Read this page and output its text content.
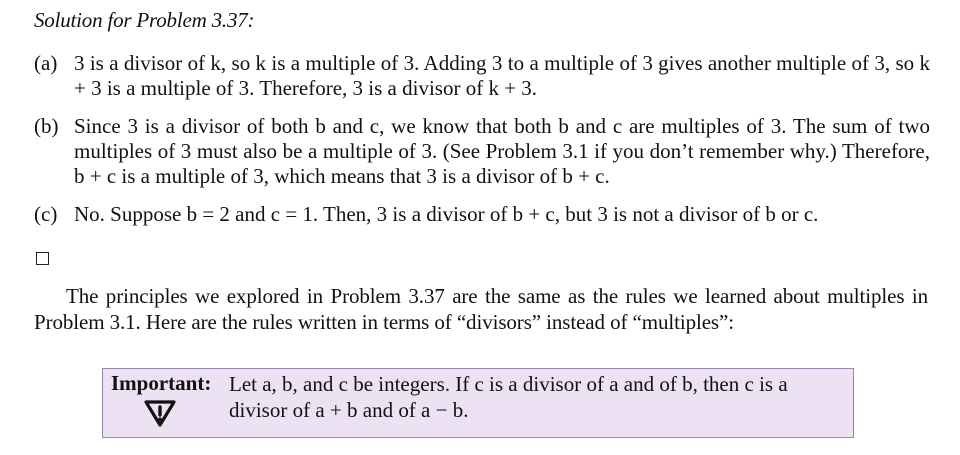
Solution for Problem 3.37:
(a) 3 is a divisor of k, so k is a multiple of 3. Adding 3 to a multiple of 3 gives another multiple of 3, so k + 3 is a multiple of 3. Therefore, 3 is a divisor of k + 3.
(b) Since 3 is a divisor of both b and c, we know that both b and c are multiples of 3. The sum of two multiples of 3 must also be a multiple of 3. (See Problem 3.1 if you don’t remember why.) Therefore, b + c is a multiple of 3, which means that 3 is a divisor of b + c.
(c) No. Suppose b = 2 and c = 1. Then, 3 is a divisor of b + c, but 3 is not a divisor of b or c.
The principles we explored in Problem 3.37 are the same as the rules we learned about multiples in Problem 3.1. Here are the rules written in terms of “divisors” instead of “multiples”:
Important: Let a, b, and c be integers. If c is a divisor of a and of b, then c is a divisor of a + b and of a − b.
